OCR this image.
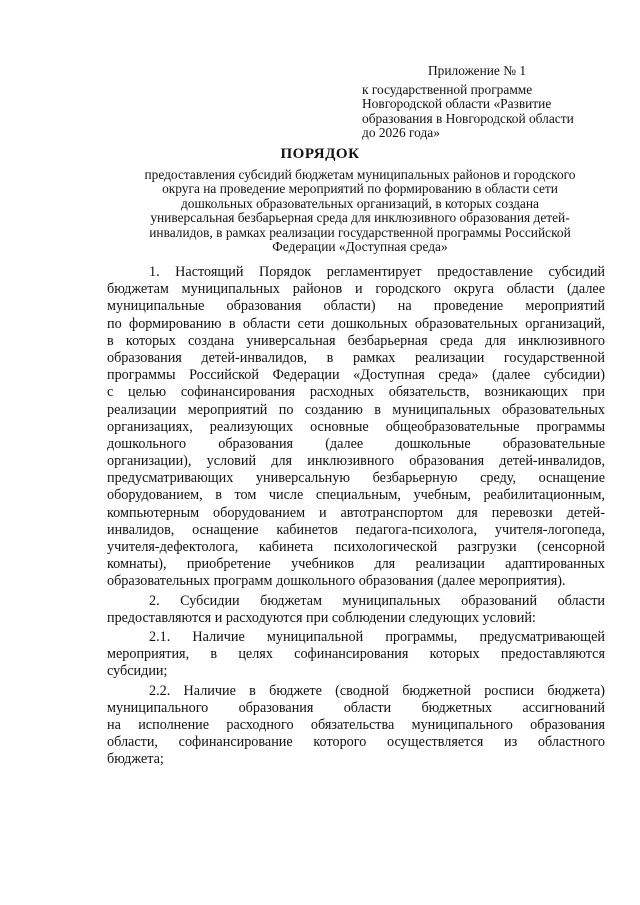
Приложение № 1
к государственной программе
Новгородской области «Развитие
образования в Новгородской области
до 2026 года»
ПОРЯДОК
предоставления субсидий бюджетам муниципальных районов и городского
округа на проведение мероприятий по формированию в области сети
дошкольных образовательных организаций, в которых создана
универсальная безбарьерная среда для инклюзивного образования детей-
инвалидов, в рамках реализации государственной программы Российской
Федерации «Доступная среда»
1. Настоящий Порядок регламентирует предоставление субсидий
бюджетам муниципальных районов и городского округа области (далее
муниципальные образования области) на проведение мероприятий
по формированию в области сети дошкольных образовательных организаций,
в которых создана универсальная безбарьерная среда для инклюзивного
образования детей-инвалидов, в рамках реализации государственной
программы Российской Федерации «Доступная среда» (далее субсидии)
с целью софинансирования расходных обязательств, возникающих при
реализации мероприятий по созданию в муниципальных образовательных
организациях, реализующих основные общеобразовательные программы
дошкольного образования (далее дошкольные образовательные
организации), условий для инклюзивного образования детей-инвалидов,
предусматривающих универсальную безбарьерную среду, оснащение
оборудованием, в том числе специальным, учебным, реабилитационным,
компьютерным оборудованием и автотранспортом для перевозки детей-
инвалидов, оснащение кабинетов педагога-психолога, учителя-логопеда,
учителя-дефектолога, кабинета психологической разгрузки (сенсорной
комнаты), приобретение учебников для реализации адаптированных
образовательных программ дошкольного образования (далее мероприятия).
2. Субсидии бюджетам муниципальных образований области
предоставляются и расходуются при соблюдении следующих условий:
2.1. Наличие муниципальной программы, предусматривающей
мероприятия, в целях софинансирования которых предоставляются
субсидии;
2.2. Наличие в бюджете (сводной бюджетной росписи бюджета)
муниципального образования области бюджетных ассигнований
на исполнение расходного обязательства муниципального образования
области, софинансирование которого осуществляется из областного
бюджета;
